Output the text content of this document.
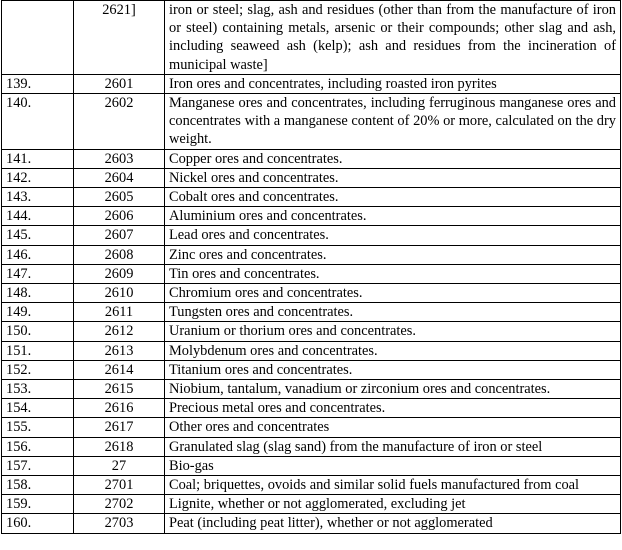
	2621]	iron or steel; slag, ash and residues (other than from the manufacture of iron or steel) containing metals, arsenic or their compounds; other slag and ash, including seaweed ash (kelp); ash and residues from the incineration of municipal waste]
139.	2601	Iron ores and concentrates, including roasted iron pyrites
140.	2602	Manganese ores and concentrates, including ferruginous manganese ores and concentrates with a manganese content of 20% or more, calculated on the dry weight.
141.	2603	Copper ores and concentrates.
142.	2604	Nickel ores and concentrates.
143.	2605	Cobalt ores and concentrates.
144.	2606	Aluminium ores and concentrates.
145.	2607	Lead ores and concentrates.
146.	2608	Zinc ores and concentrates.
147.	2609	Tin ores and concentrates.
148.	2610	Chromium ores and concentrates.
149.	2611	Tungsten ores and concentrates.
150.	2612	Uranium or thorium ores and concentrates.
151.	2613	Molybdenum ores and concentrates.
152.	2614	Titanium ores and concentrates.
153.	2615	Niobium, tantalum, vanadium or zirconium ores and concentrates.
154.	2616	Precious metal ores and concentrates.
155.	2617	Other ores and concentrates
156.	2618	Granulated slag (slag sand) from the manufacture of iron or steel
157.	27	Bio-gas
158.	2701	Coal; briquettes, ovoids and similar solid fuels manufactured from coal
159.	2702	Lignite, whether or not agglomerated, excluding jet
160.	2703	Peat (including peat litter), whether or not agglomerated
